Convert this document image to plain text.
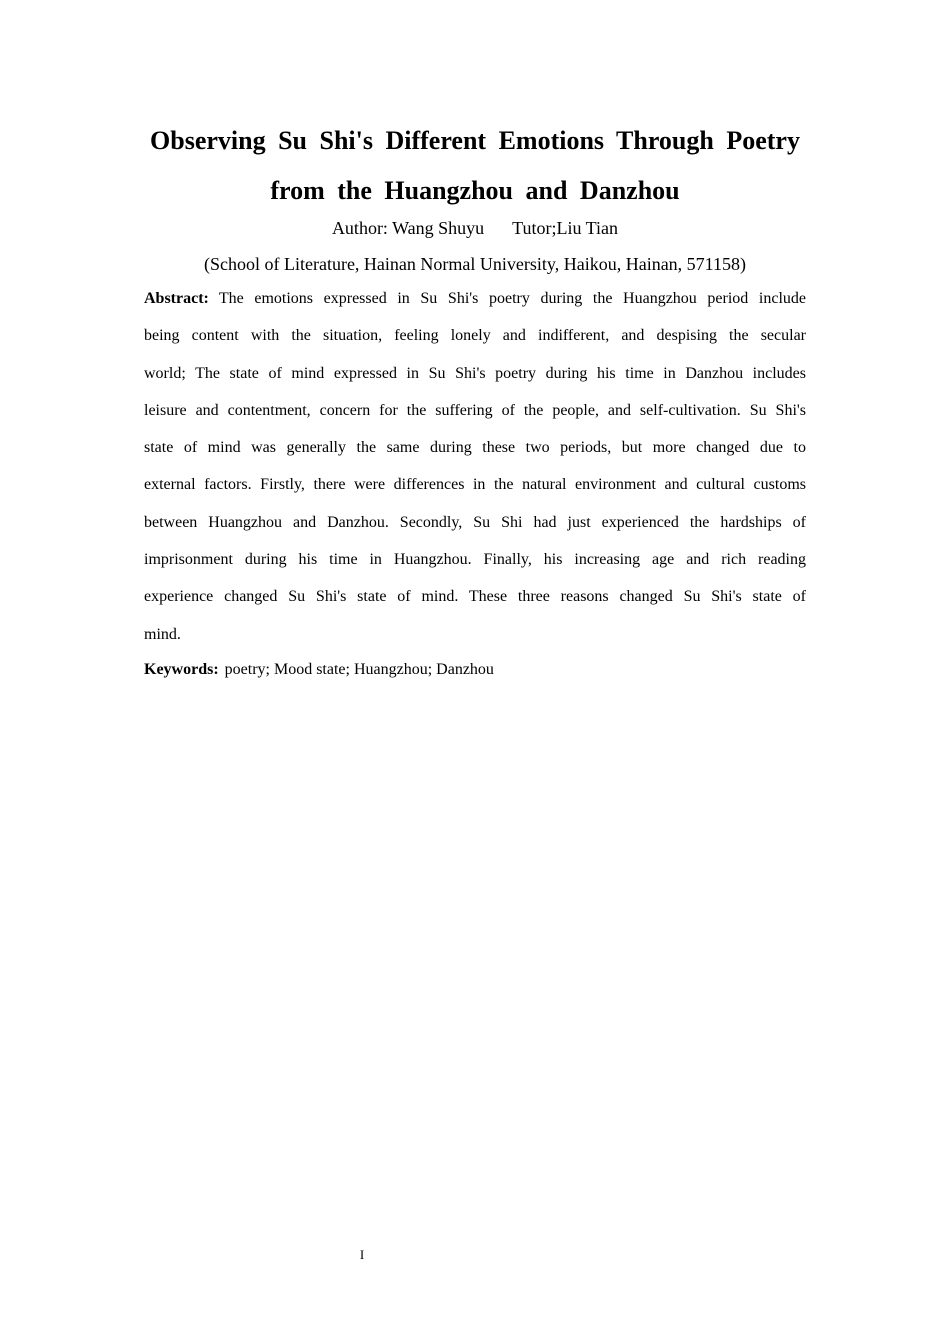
Observing Su Shi's Different Emotions Through Poetry
from the Huangzhou and Danzhou
Author: Wang Shuyu Tutor;Liu Tian
(School of Literature, Hainan Normal University, Haikou, Hainan, 571158)

Abstract: The emotions expressed in Su Shi's poetry during the Huangzhou period include being content with the situation, feeling lonely and indifferent, and despising the secular world; The state of mind expressed in Su Shi's poetry during his time in Danzhou includes leisure and contentment, concern for the suffering of the people, and self-cultivation. Su Shi's state of mind was generally the same during these two periods, but more changed due to external factors. Firstly, there were differences in the natural environment and cultural customs between Huangzhou and Danzhou. Secondly, Su Shi had just experienced the hardships of imprisonment during his time in Huangzhou. Finally, his increasing age and rich reading experience changed Su Shi's state of mind. These three reasons changed Su Shi's state of mind.

Keywords: poetry; Mood state; Huangzhou; Danzhou
I
